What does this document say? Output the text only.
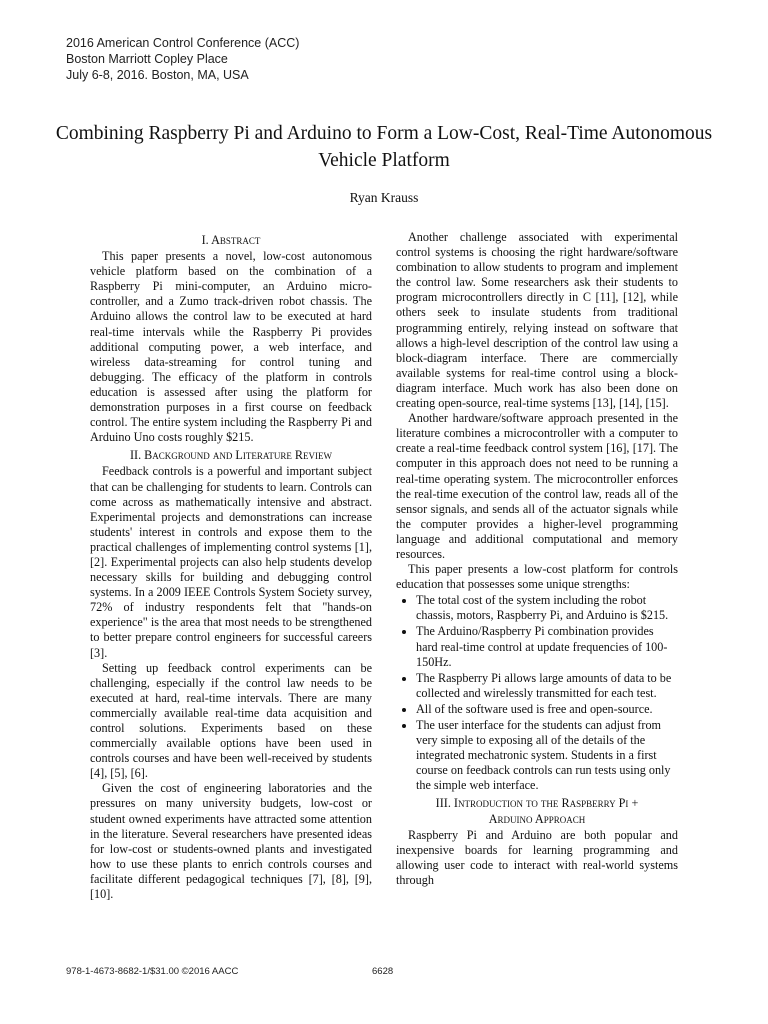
2016 American Control Conference (ACC)
Boston Marriott Copley Place
July 6-8, 2016. Boston, MA, USA
Combining Raspberry Pi and Arduino to Form a Low-Cost, Real-Time Autonomous Vehicle Platform
Ryan Krauss
I. Abstract

This paper presents a novel, low-cost autonomous vehicle platform based on the combination of a Raspberry Pi mini-computer, an Arduino micro-controller, and a Zumo track-driven robot chassis. The Arduino allows the control law to be executed at hard real-time intervals while the Raspberry Pi provides additional computing power, a web interface, and wireless data-streaming for control tuning and debugging. The efficacy of the platform in controls education is assessed after using the platform for demonstration purposes in a first course on feedback control. The entire system including the Raspberry Pi and Arduino Uno costs roughly $215.

II. Background and Literature Review

Feedback controls is a powerful and important subject that can be challenging for students to learn. Controls can come across as mathematically intensive and abstract. Experimental projects and demonstrations can increase students' interest in controls and expose them to the practical challenges of implementing control systems [1], [2]. Experimental projects can also help students develop necessary skills for building and debugging control systems. In a 2009 IEEE Controls System Society survey, 72% of industry respondents felt that "hands-on experience" is the area that most needs to be strengthened to better prepare control engineers for successful careers [3].

Setting up feedback control experiments can be challenging, especially if the control law needs to be executed at hard, real-time intervals. There are many commercially available real-time data acquisition and control solutions. Experiments based on these commercially available options have been used in controls courses and have been well-received by students [4], [5], [6].

Given the cost of engineering laboratories and the pressures on many university budgets, low-cost or student owned experiments have attracted some attention in the literature. Several researchers have presented ideas for low-cost or students-owned plants and investigated how to use these plants to enrich controls courses and facilitate different pedagogical techniques [7], [8], [9], [10].

Another challenge associated with experimental control systems is choosing the right hardware/software combination to allow students to program and implement the control law. Some researchers ask their students to program microcontrollers directly in C [11], [12], while others seek to insulate students from traditional programming entirely, relying instead on software that allows a high-level description of the control law using a block-diagram interface. There are commercially available systems for real-time control using a block-diagram interface. Much work has also been done on creating open-source, real-time systems [13], [14], [15].

Another hardware/software approach presented in the literature combines a microcontroller with a computer to create a real-time feedback control system [16], [17]. The computer in this approach does not need to be running a real-time operating system. The microcontroller enforces the real-time execution of the control law, reads all of the sensor signals, and sends all of the actuator signals while the computer provides a higher-level programming language and additional computational and memory resources.

This paper presents a low-cost platform for controls education that possesses some unique strengths:

• The total cost of the system including the robot chassis, motors, Raspberry Pi, and Arduino is $215.
• The Arduino/Raspberry Pi combination provides hard real-time control at update frequencies of 100-150Hz.
• The Raspberry Pi allows large amounts of data to be collected and wirelessly transmitted for each test.
• All of the software used is free and open-source.
• The user interface for the students can adjust from very simple to exposing all of the details of the integrated mechatronic system. Students in a first course on feedback controls can run tests using only the simple web interface.
III. Introduction to the Raspberry Pi +
Arduino Approach

Raspberry Pi and Arduino are both popular and inexpensive boards for learning programming and allowing user code to interact with real-world systems through

978-1-4673-8682-1/$31.00 ©2016 AACC	6628
